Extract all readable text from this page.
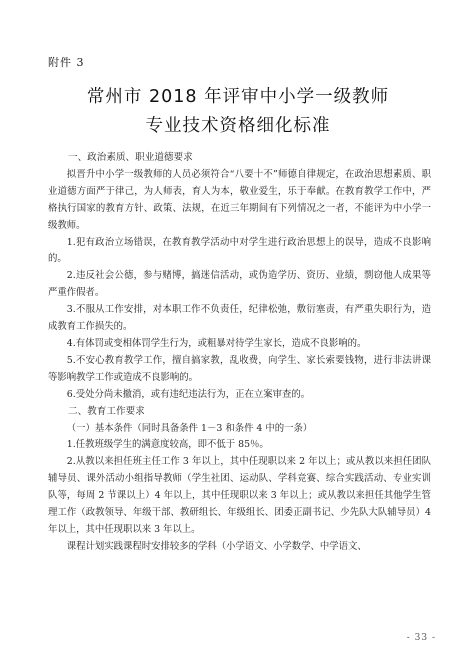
附件 3
常州市 2018 年评审中小学一级教师
专业技术资格细化标准

一、政治素质、职业道德要求

拟晋升中小学一级教师的人员必须符合“八要十不”师德自律规定，在政治思想素质、职业道德方面严于律己，为人师表，育人为本，敬业爱生，乐于奉献。在教育教学工作中，严格执行国家的教育方针、政策、法规，在近三年期间有下列情况之一者，不能评为中小学一级教师。

1.犯有政治立场错误，在教育教学活动中对学生进行政治思想上的误导，造成不良影响的。

2.违反社会公德，参与赌博，搞迷信活动，或伪造学历、资历、业绩，剽窃他人成果等严重作假者。

3.不服从工作安排，对本职工作不负责任，纪律松弛，敷衍塞责，有严重失职行为，造成教育工作损失的。

4.有体罚或变相体罚学生行为，或粗暴对待学生家长，造成不良影响的。

5.不安心教育教学工作，擅自搞家教，乱收费，向学生、家长索要钱物，进行非法讲课等影响教学工作或造成不良影响的。

6.受处分尚未撤消，或有违纪违法行为，正在立案审查的。

二、教育工作要求

（一）基本条件（同时具备条件 1－3 和条件 4 中的一条）

1.任教班级学生的满意度较高，即不低于 85％。

2.从教以来担任班主任工作 3 年以上，其中任现职以来 2 年以上；或从教以来担任团队辅导员、课外活动小组指导教师（学生社团、运动队、学科竞赛、综合实践活动、专业实训队等，每周 2 节课以上）4 年以上，其中任现职以来 3 年以上；或从教以来担任其他学生管理工作（政教领导、年级干部、教研组长、年级组长、团委正副书记、少先队大队辅导员）4 年以上，其中任现职以来 3 年以上。

课程计划实践课程时安排较多的学科（小学语文、小学数学、中学语文、

- 33 -
